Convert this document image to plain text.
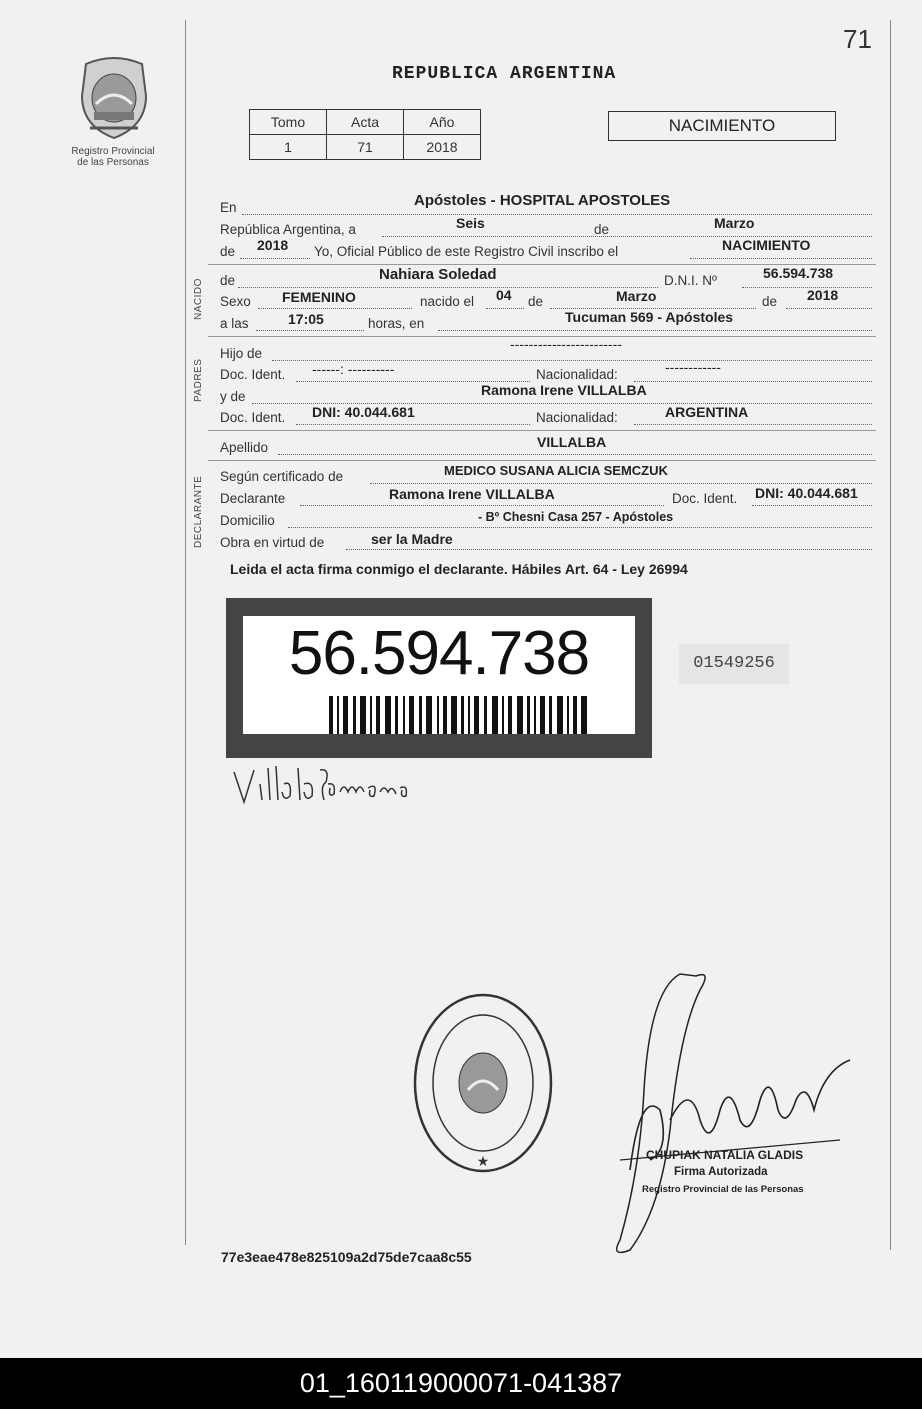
71
Registro Provincial
de las Personas
REPUBLICA ARGENTINA
Tomo	Acta	Año
1	71	2018
NACIMIENTO
En	Apóstoles - HOSPITAL APOSTOLES
República Argentina, a	Seis	de	Marzo
de 2018 Yo, Oficial Público de este Registro Civil inscribo el	NACIMIENTO
NACIDO de	Nahiara Soledad	D.N.I. Nº	56.594.738
Sexo FEMENINO	nacido el 04 de	Marzo	de 2018
a las	17:05	horas, en	Tucuman 569 - Apóstoles
PADRES
Hijo de
------------------------
Doc. Ident. ------: ----------	Nacionalidad:	------------
y de	Ramona Irene VILLALBA
Doc. Ident. DNI: 40.044.681	Nacionalidad:	ARGENTINA
Apellido	VILLALBA
DECLARANTE Según certificado de	MEDICO SUSANA ALICIA SEMCZUK
Declarante	Ramona Irene VILLALBA	Doc. Ident. DNI: 40.044.681
Domicilio	- Bº Chesni Casa 257 - Apóstoles
Obra en virtud de	ser la Madre
Leida el acta firma conmigo el declarante. Hábiles Art. 64 - Ley 26994
56.594.738	01549256
★	CHUPIAK NATALIA GLADIS
Firma Autorizada
Registro Provincial de las Personas
77e3eae478e825109a2d75de7caa8c55
01_160119000071-041387
